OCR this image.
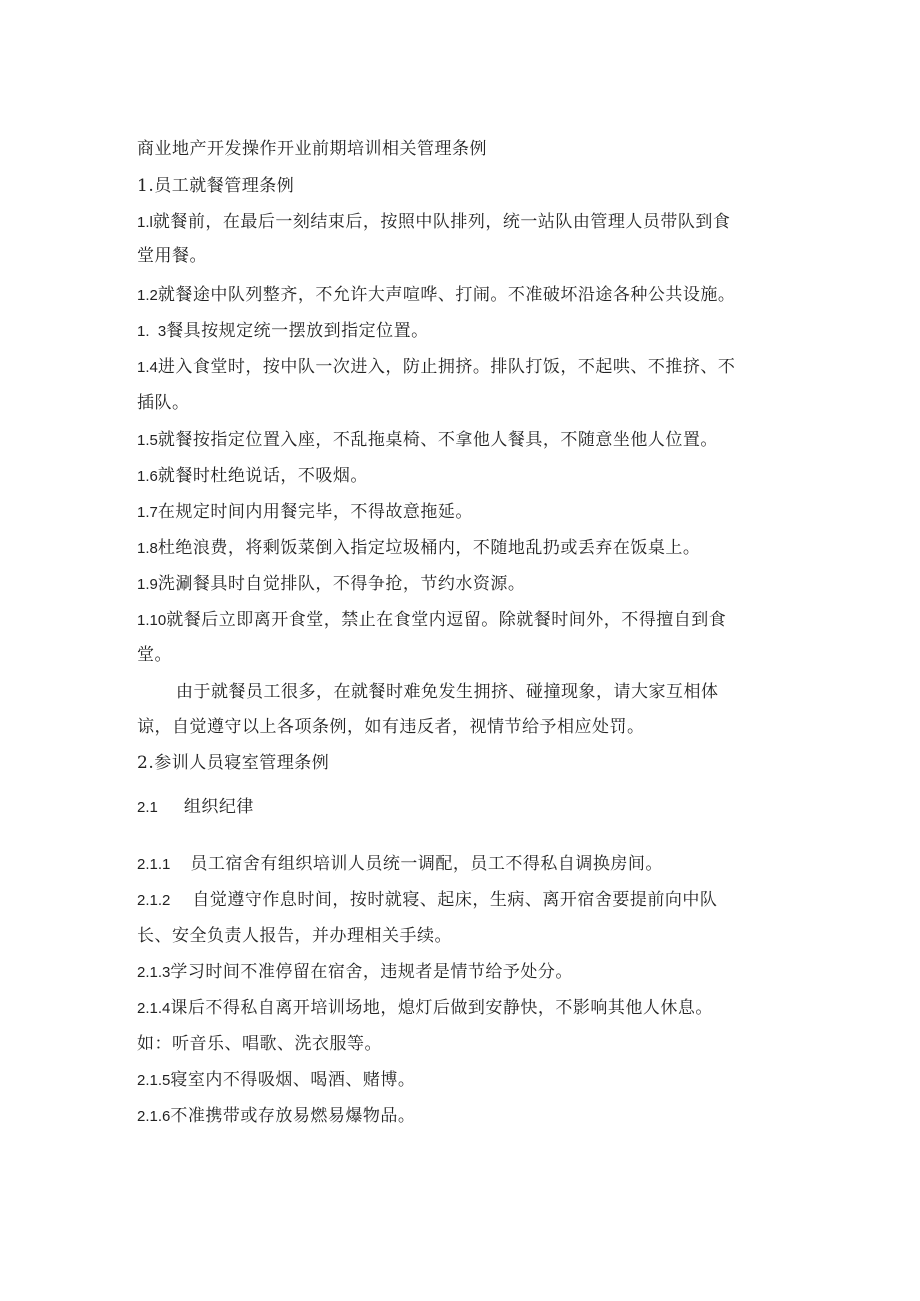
商业地产开发操作开业前期培训相关管理条例
1.员工就餐管理条例
1.l就餐前，在最后一刻结束后，按照中队排列，统一站队由管理人员带队到食
堂用餐。
1.2就餐途中队列整齐，不允许大声喧哗、打闹。不准破坏沿途各种公共设施。
1.  3餐具按规定统一摆放到指定位置。
1.4进入食堂时，按中队一次进入，防止拥挤。排队打饭，不起哄、不推挤、不
插队。
1.5就餐按指定位置入座，不乱拖桌椅、不拿他人餐具，不随意坐他人位置。
1.6就餐时杜绝说话，不吸烟。
1.7在规定时间内用餐完毕，不得故意拖延。
1.8杜绝浪费，将剩饭菜倒入指定垃圾桶内，不随地乱扔或丢弃在饭桌上。
1.9洗涮餐具时自觉排队，不得争抢，节约水资源。
1.10就餐后立即离开食堂，禁止在食堂内逗留。除就餐时间外，不得擅自到食
堂。
由于就餐员工很多，在就餐时难免发生拥挤、碰撞现象，请大家互相体
谅，自觉遵守以上各项条例，如有违反者，视情节给予相应处罚。
2.参训人员寝室管理条例
2.1 组织纪律
2.1.1 员工宿舍有组织培训人员统一调配，员工不得私自调换房间。
2.1.2 自觉遵守作息时间，按时就寝、起床，生病、离开宿舍要提前向中队
长、安全负责人报告，并办理相关手续。
2.1.3学习时间不准停留在宿舍，违规者是情节给予处分。
2.1.4课后不得私自离开培训场地，熄灯后做到安静快，不影响其他人休息。
如：听音乐、唱歌、洗衣服等。
2.1.5寝室内不得吸烟、喝酒、赌博。
2.1.6不准携带或存放易燃易爆物品。
